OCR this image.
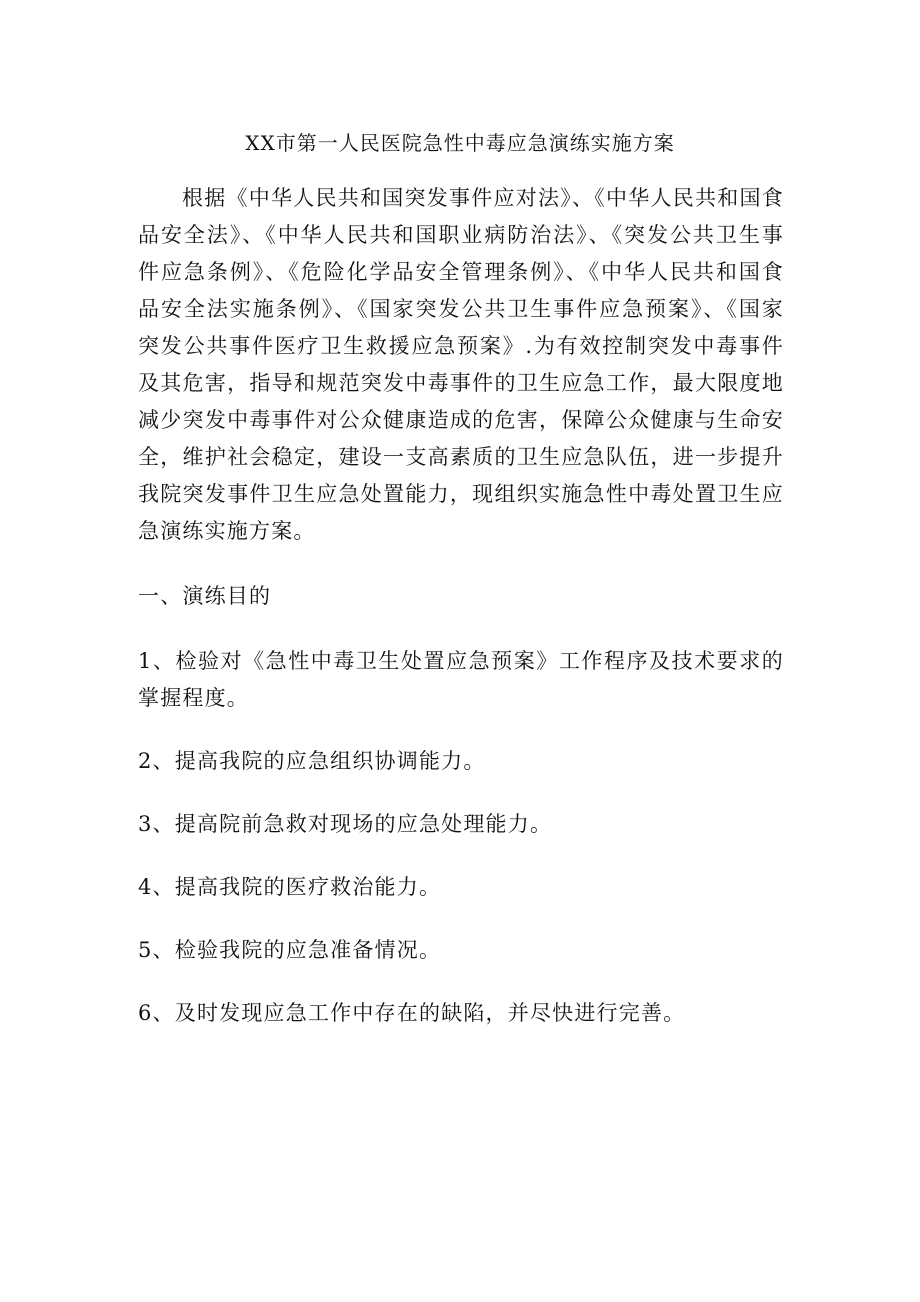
XX市第一人民医院急性中毒应急演练实施方案

根据《中华人民共和国突发事件应对法》、《中华人民共和国食品安全法》、《中华人民共和国职业病防治法》、《突发公共卫生事件应急条例》、《危险化学品安全管理条例》、《中华人民共和国食品安全法实施条例》、《国家突发公共卫生事件应急预案》、《国家突发公共事件医疗卫生救援应急预案》.为有效控制突发中毒事件及其危害，指导和规范突发中毒事件的卫生应急工作，最大限度地减少突发中毒事件对公众健康造成的危害，保障公众健康与生命安全，维护社会稳定，建设一支高素质的卫生应急队伍，进一步提升我院突发事件卫生应急处置能力，现组织实施急性中毒处置卫生应急演练实施方案。

一、演练目的

1、检验对《急性中毒卫生处置应急预案》工作程序及技术要求的掌握程度。

2、提高我院的应急组织协调能力。

3、提高院前急救对现场的应急处理能力。

4、提高我院的医疗救治能力。

5、检验我院的应急准备情况。

6、及时发现应急工作中存在的缺陷，并尽快进行完善。
